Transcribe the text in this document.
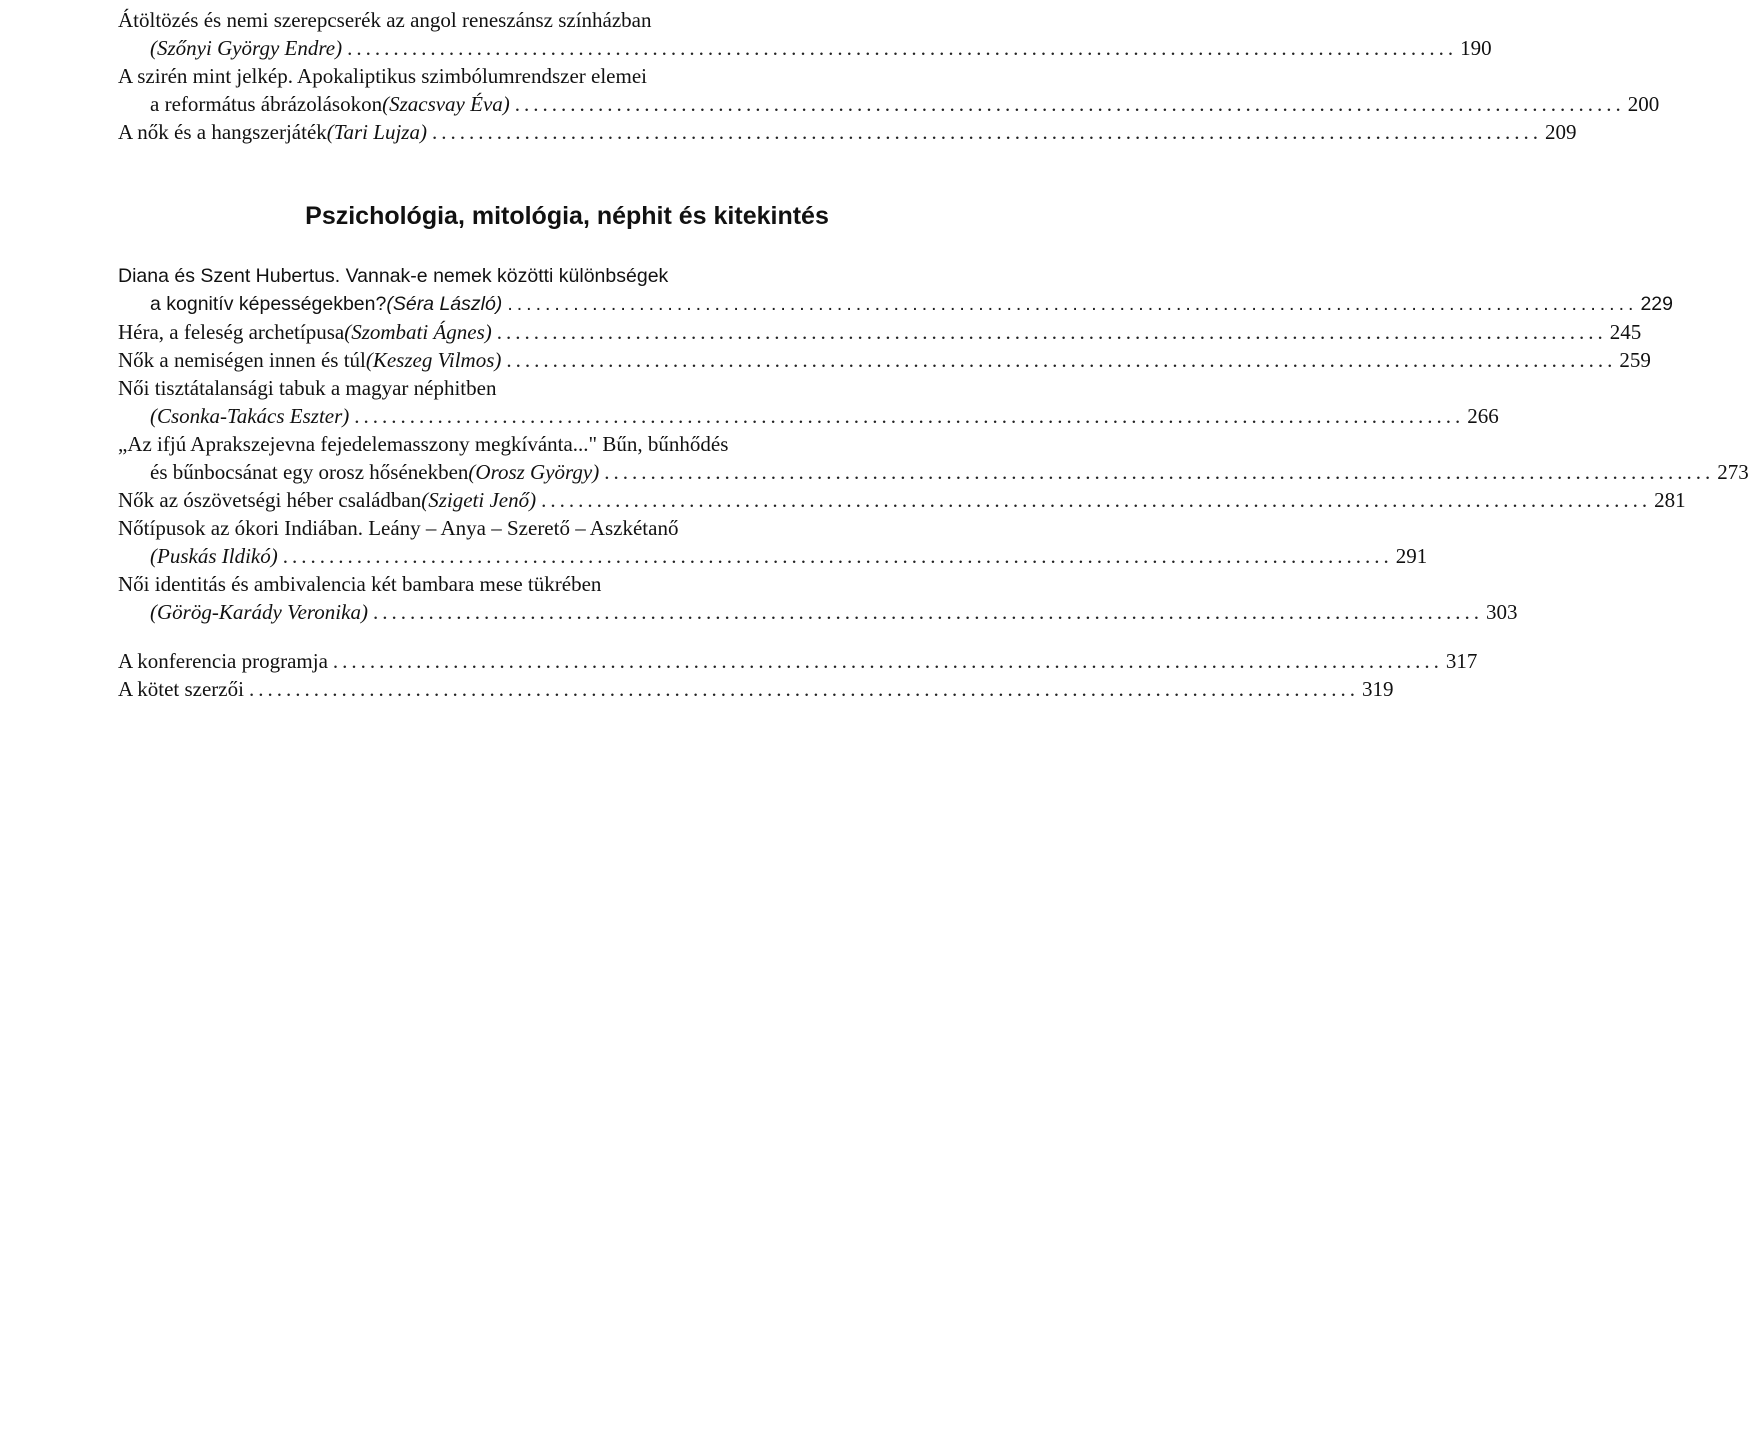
Átöltözés és nemi szerepcserék az angol reneszánsz színházban
(Szőnyi György Endre) ........................................................................................................................ 190
A szirén mint jelkép. Apokaliptikus szimbólumrendszer elemei
a református ábrázolásokon (Szacsvay Éva) ........................................................................................................................ 200
A nők és a hangszerjáték (Tari Lujza) ........................................................................................................................ 209
Pszichológia, mitológia, néphit és kitekintés
Diana és Szent Hubertus. Vannak-e nemek közötti különbségek
a kognitív képességekben? (Séra László) ........................................................................................................................ 229
Héra, a feleség archetípusa (Szombati Ágnes) ........................................................................................................................ 245
Nők a nemiségen innen és túl (Keszeg Vilmos) ........................................................................................................................ 259
Női tisztátalansági tabuk a magyar néphitben
(Csonka-Takács Eszter) ........................................................................................................................ 266
„Az ifjú Aprakszejevna fejedelemasszony megkívánta..." Bűn, bűnhődés
és bűnbocsánat egy orosz hősénekben (Orosz György) ........................................................................................................................ 273
Nők az ószövetségi héber családban (Szigeti Jenő) ........................................................................................................................ 281
Nőtípusok az ókori Indiában. Leány – Anya – Szerető – Aszkétanő
(Puskás Ildikó) ........................................................................................................................ 291
Női identitás és ambivalencia két bambara mese tükrében
(Görög-Karády Veronika) ........................................................................................................................ 303
A konferencia programja ........................................................................................................................ 317
A kötet szerzői ........................................................................................................................ 319
